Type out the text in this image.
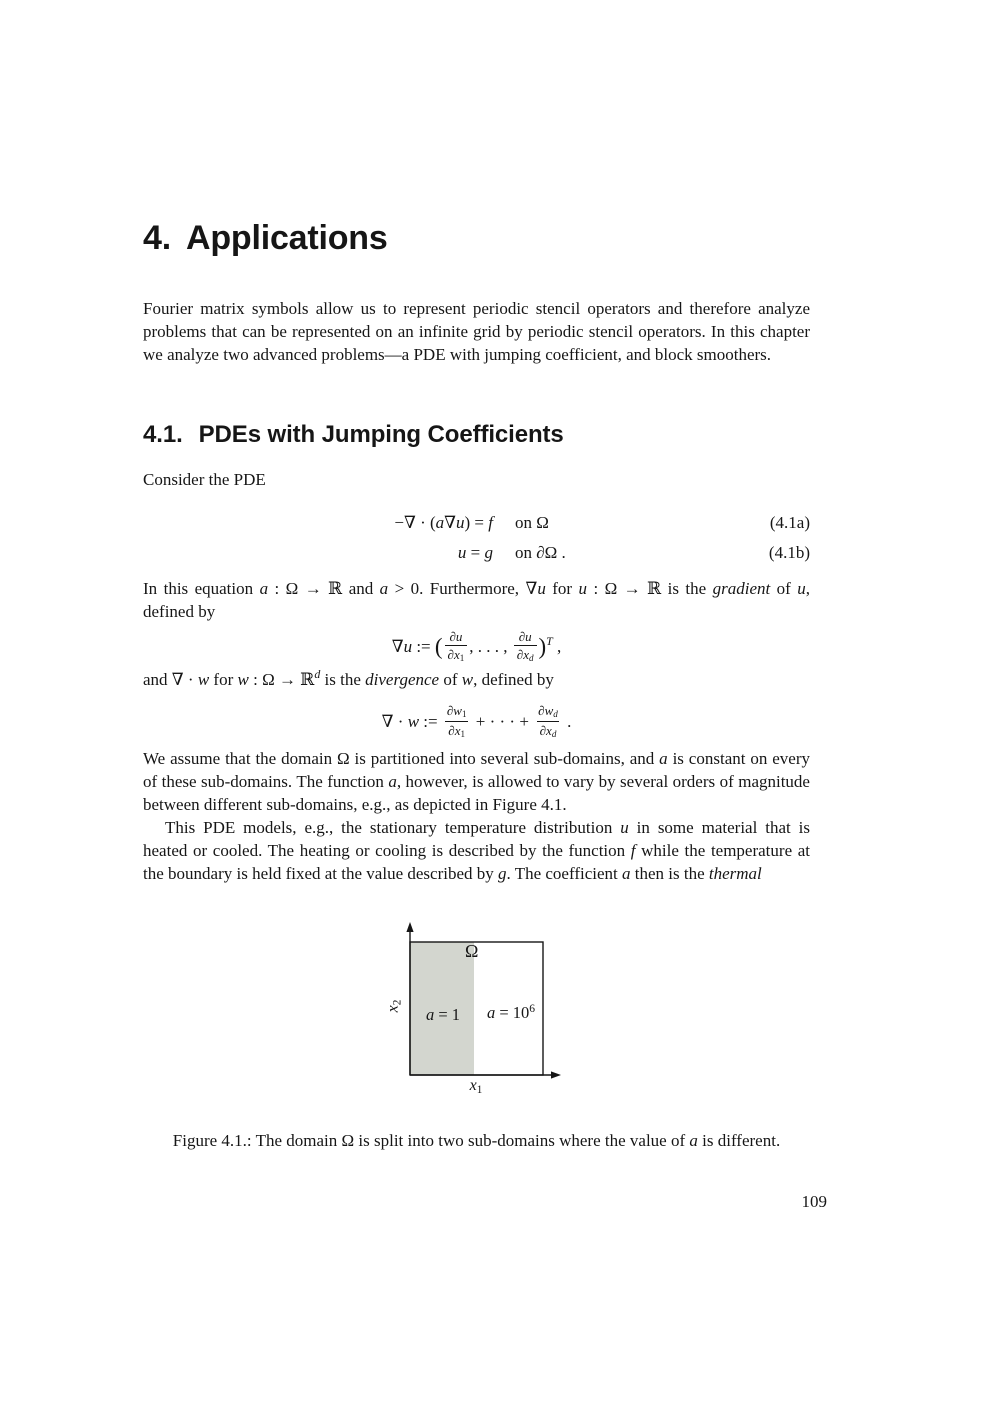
4. Applications

Fourier matrix symbols allow us to represent periodic stencil operators and therefore analyze problems that can be represented on an infinite grid by periodic stencil operators. In this chapter we analyze two advanced problems—a PDE with jumping coefficient, and block smoothers.

4.1. PDEs with Jumping Coefficients

Consider the PDE

−∇ · (a∇u) = f on Ω	(4.1a)
u = g on ∂Ω .	(4.1b)

In this equation a : Ω → ℝ and a > 0. Furthermore, ∇u for u : Ω → ℝ is the gradient of u, defined by

∇u := ( $\frac{\partial u}{\partial x_1}$ , . . . , $\frac{\partial u}{\partial x_d} )^T$ ,

and ∇ · w for w : Ω → ℝ$^d$ is the divergence of w, defined by

∇ · w := $\frac{\partial w_1}{\partial x_1}$ + · · · + $\frac{\partial w_d}{\partial x_d}$ .

We assume that the domain Ω is partitioned into several sub-domains, and a is constant on every of these sub-domains. The function a, however, is allowed to vary by several orders of magnitude between different sub-domains, e.g., as depicted in Figure 4.1.

This PDE models, e.g., the stationary temperature distribution u in some material that is heated or cooled. The heating or cooling is described by the function f while the temperature at the boundary is held fixed at the value described by g. The coefficient a then is the thermal

Ω
a = 1 $a = 10^6$
$x_2$
$x_1$

Figure 4.1.: The domain Ω is split into two sub-domains where the value of a is different.

109
